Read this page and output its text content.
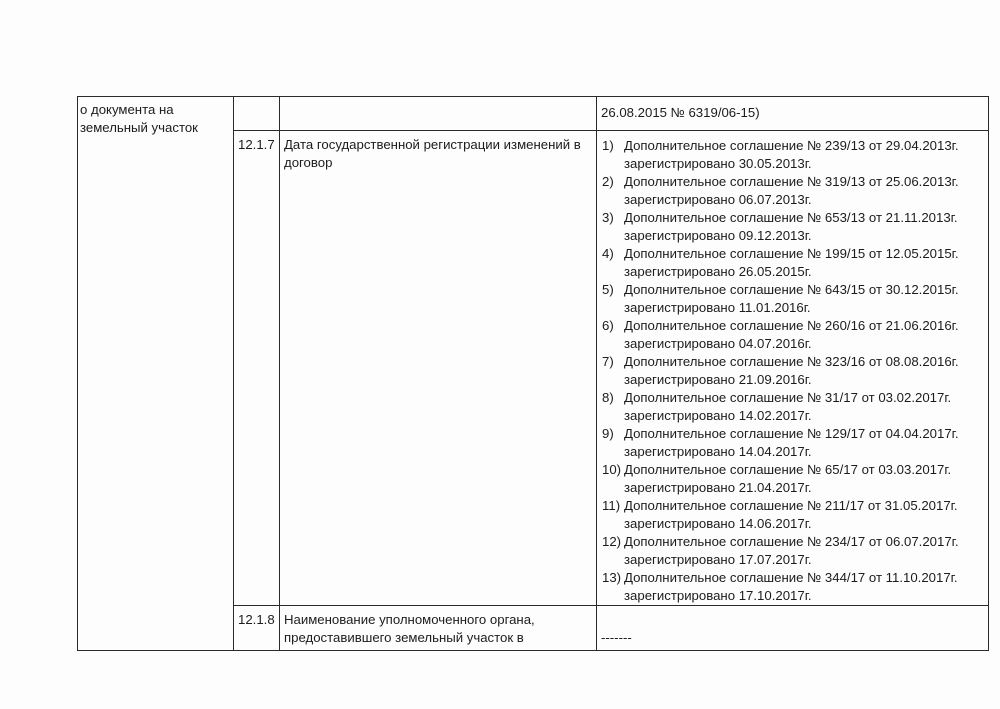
о документа на
земельный участок
26.08.2015 № 6319/06-15)
12.1.7 Дата государственной регистрации изменений в
договор
1) Дополнительное соглашение № 239/13 от 29.04.2013г.
зарегистрировано 30.05.2013г.
2) Дополнительное соглашение № 319/13 от 25.06.2013г.
зарегистрировано 06.07.2013г.
3) Дополнительное соглашение № 653/13 от 21.11.2013г.
зарегистрировано 09.12.2013г.
4) Дополнительное соглашение № 199/15 от 12.05.2015г.
зарегистрировано 26.05.2015г.
5) Дополнительное соглашение № 643/15 от 30.12.2015г.
зарегистрировано 11.01.2016г.
6) Дополнительное соглашение № 260/16 от 21.06.2016г.
зарегистрировано 04.07.2016г.
7) Дополнительное соглашение № 323/16 от 08.08.2016г.
зарегистрировано 21.09.2016г.
8) Дополнительное соглашение № 31/17 от 03.02.2017г.
зарегистрировано 14.02.2017г.
9) Дополнительное соглашение № 129/17 от 04.04.2017г.
зарегистрировано 14.04.2017г.
10) Дополнительное соглашение № 65/17 от 03.03.2017г.
зарегистрировано 21.04.2017г.
11) Дополнительное соглашение № 211/17 от 31.05.2017г.
зарегистрировано 14.06.2017г.
12) Дополнительное соглашение № 234/17 от 06.07.2017г.
зарегистрировано 17.07.2017г.
13) Дополнительное соглашение № 344/17 от 11.10.2017г.
зарегистрировано 17.10.2017г.
12.1.8 Наименование уполномоченного органа,
предоставившего земельный участок в	-------
